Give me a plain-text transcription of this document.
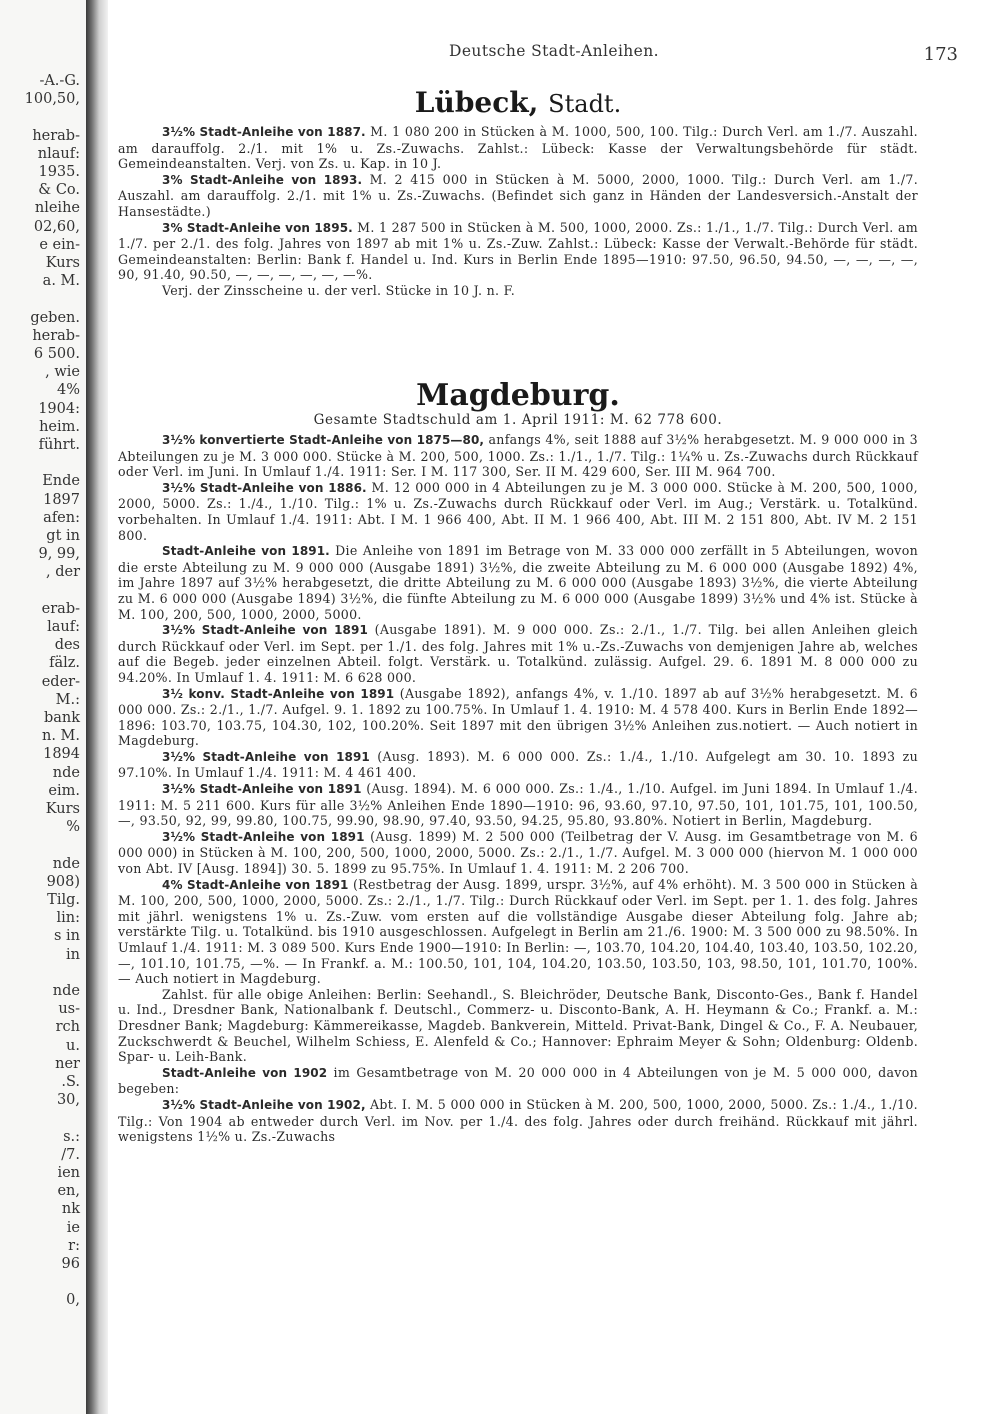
-A.-G.
100,50,
herab-
nlauf:
1935.
& Co.
nleihe
02,60,
e ein-
Kurs
a. M.
geben.
herab-
6 500.
, wie
4%
1904:
heim.
führt.
Ende
1897
afen:
gt in
9, 99,
, der
erab-
lauf:
des
fälz.
eder-
M.:
bank
n. M.
1894
nde
eim.
Kurs
%
nde
908)
Tilg.
lin:
s in
in
nde
us-
rch
u.
ner
.S.
30,
s.:
/7.
ien
en,
nk
ie
r:
96
0,
Deutsche Stadt-Anleihen.	173
Lübeck, Stadt.

3½% Stadt-Anleihe von 1887. M. 1 080 200 in Stücken à M. 1000, 500, 100. Tilg.: Durch Verl. am 1./7. Auszahl. am darauffolg. 2./1. mit 1% u. Zs.-Zuwachs. Zahlst.: Lübeck: Kasse der Verwaltungsbehörde für städt. Gemeindeanstalten. Verj. von Zs. u. Kap. in 10 J.

3% Stadt-Anleihe von 1893. M. 2 415 000 in Stücken à M. 5000, 2000, 1000. Tilg.: Durch Verl. am 1./7. Auszahl. am darauffolg. 2./1. mit 1% u. Zs.-Zuwachs. (Befindet sich ganz in Händen der Landesversich.-Anstalt der Hansestädte.)

3% Stadt-Anleihe von 1895. M. 1 287 500 in Stücken à M. 500, 1000, 2000. Zs.: 1./1., 1./7. Tilg.: Durch Verl. am 1./7. per 2./1. des folg. Jahres von 1897 ab mit 1% u. Zs.-Zuw. Zahlst.: Lübeck: Kasse der Verwalt.-Behörde für städt. Gemeindeanstalten: Berlin: Bank f. Handel u. Ind. Kurs in Berlin Ende 1895—1910: 97.50, 96.50, 94.50, —, —, —, —, 90, 91.40, 90.50, —, —, —, —, —, —%.

Verj. der Zinsscheine u. der verl. Stücke in 10 J. n. F.

Magdeburg.
Gesamte Stadtschuld am 1. April 1911: M. 62 778 600.

3½% konvertierte Stadt-Anleihe von 1875—80, anfangs 4%, seit 1888 auf 3½% herabgesetzt. M. 9 000 000 in 3 Abteilungen zu je M. 3 000 000. Stücke à M. 200, 500, 1000. Zs.: 1./1., 1./7. Tilg.: 1¼% u. Zs.-Zuwachs durch Rückkauf oder Verl. im Juni. In Umlauf 1./4. 1911: Ser. I M. 117 300, Ser. II M. 429 600, Ser. III M. 964 700.

3½% Stadt-Anleihe von 1886. M. 12 000 000 in 4 Abteilungen zu je M. 3 000 000. Stücke à M. 200, 500, 1000, 2000, 5000. Zs.: 1./4., 1./10. Tilg.: 1% u. Zs.-Zuwachs durch Rückkauf oder Verl. im Aug.; Verstärk. u. Totalkünd. vorbehalten. In Umlauf 1./4. 1911: Abt. I M. 1 966 400, Abt. II M. 1 966 400, Abt. III M. 2 151 800, Abt. IV M. 2 151 800.

Stadt-Anleihe von 1891. Die Anleihe von 1891 im Betrage von M. 33 000 000 zerfällt in 5 Abteilungen, wovon die erste Abteilung zu M. 9 000 000 (Ausgabe 1891) 3½%, die zweite Abteilung zu M. 6 000 000 (Ausgabe 1892) 4%, im Jahre 1897 auf 3½% herabgesetzt, die dritte Abteilung zu M. 6 000 000 (Ausgabe 1893) 3½%, die vierte Abteilung zu M. 6 000 000 (Ausgabe 1894) 3½%, die fünfte Abteilung zu M. 6 000 000 (Ausgabe 1899) 3½% und 4% ist. Stücke à M. 100, 200, 500, 1000, 2000, 5000.

3½% Stadt-Anleihe von 1891 (Ausgabe 1891). M. 9 000 000. Zs.: 2./1., 1./7. Tilg. bei allen Anleihen gleich durch Rückkauf oder Verl. im Sept. per 1./1. des folg. Jahres mit 1% u.-Zs.-Zuwachs von demjenigen Jahre ab, welches auf die Begeb. jeder einzelnen Abteil. folgt. Verstärk. u. Totalkünd. zulässig. Aufgel. 29. 6. 1891 M. 8 000 000 zu 94.20%. In Umlauf 1. 4. 1911: M. 6 628 000.

3½ konv. Stadt-Anleihe von 1891 (Ausgabe 1892), anfangs 4%, v. 1./10. 1897 ab auf 3½% herabgesetzt. M. 6 000 000. Zs.: 2./1., 1./7. Aufgel. 9. 1. 1892 zu 100.75%. In Umlauf 1. 4. 1910: M. 4 578 400. Kurs in Berlin Ende 1892—1896: 103.70, 103.75, 104.30, 102, 100.20%. Seit 1897 mit den übrigen 3½% Anleihen zus.notiert. — Auch notiert in Magdeburg.

3½% Stadt-Anleihe von 1891 (Ausg. 1893). M. 6 000 000. Zs.: 1./4., 1./10. Aufgelegt am 30. 10. 1893 zu 97.10%. In Umlauf 1./4. 1911: M. 4 461 400.

3½% Stadt-Anleihe von 1891 (Ausg. 1894). M. 6 000 000. Zs.: 1./4., 1./10. Aufgel. im Juni 1894. In Umlauf 1./4. 1911: M. 5 211 600. Kurs für alle 3½% Anleihen Ende 1890—1910: 96, 93.60, 97.10, 97.50, 101, 101.75, 101, 100.50, —, 93.50, 92, 99, 99.80, 100.75, 99.90, 98.90, 97.40, 93.50, 94.25, 95.80, 93.80%. Notiert in Berlin, Magdeburg.

3½% Stadt-Anleihe von 1891 (Ausg. 1899) M. 2 500 000 (Teilbetrag der V. Ausg. im Gesamtbetrage von M. 6 000 000) in Stücken à M. 100, 200, 500, 1000, 2000, 5000. Zs.: 2./1., 1./7. Aufgel. M. 3 000 000 (hiervon M. 1 000 000 von Abt. IV [Ausg. 1894]) 30. 5. 1899 zu 95.75%. In Umlauf 1. 4. 1911: M. 2 206 700.

4% Stadt-Anleihe von 1891 (Restbetrag der Ausg. 1899, urspr. 3½%, auf 4% erhöht). M. 3 500 000 in Stücken à M. 100, 200, 500, 1000, 2000, 5000. Zs.: 2./1., 1./7. Tilg.: Durch Rückkauf oder Verl. im Sept. per 1. 1. des folg. Jahres mit jährl. wenigstens 1% u. Zs.-Zuw. vom ersten auf die vollständige Ausgabe dieser Abteilung folg. Jahre ab; verstärkte Tilg. u. Totalkünd. bis 1910 ausgeschlossen. Aufgelegt in Berlin am 21./6. 1900: M. 3 500 000 zu 98.50%. In Umlauf 1./4. 1911: M. 3 089 500. Kurs Ende 1900—1910: In Berlin: —, 103.70, 104.20, 104.40, 103.40, 103.50, 102.20, —, 101.10, 101.75, —%. — In Frankf. a. M.: 100.50, 101, 104, 104.20, 103.50, 103.50, 103, 98.50, 101, 101.70, 100%. — Auch notiert in Magdeburg.

Zahlst. für alle obige Anleihen: Berlin: Seehandl., S. Bleichröder, Deutsche Bank, Disconto-Ges., Bank f. Handel u. Ind., Dresdner Bank, Nationalbank f. Deutschl., Commerz- u. Disconto-Bank, A. H. Heymann & Co.; Frankf. a. M.: Dresdner Bank; Magdeburg: Kämmereikasse, Magdeb. Bankverein, Mitteld. Privat-Bank, Dingel & Co., F. A. Neubauer, Zuckschwerdt & Beuchel, Wilhelm Schiess, E. Alenfeld & Co.; Hannover: Ephraim Meyer & Sohn; Oldenburg: Oldenb. Spar- u. Leih-Bank.

Stadt-Anleihe von 1902 im Gesamtbetrage von M. 20 000 000 in 4 Abteilungen von je M. 5 000 000, davon begeben:

3½% Stadt-Anleihe von 1902, Abt. I. M. 5 000 000 in Stücken à M. 200, 500, 1000, 2000, 5000. Zs.: 1./4., 1./10. Tilg.: Von 1904 ab entweder durch Verl. im Nov. per 1./4. des folg. Jahres oder durch freihänd. Rückkauf mit jährl. wenigstens 1½% u. Zs.-Zuwachs
